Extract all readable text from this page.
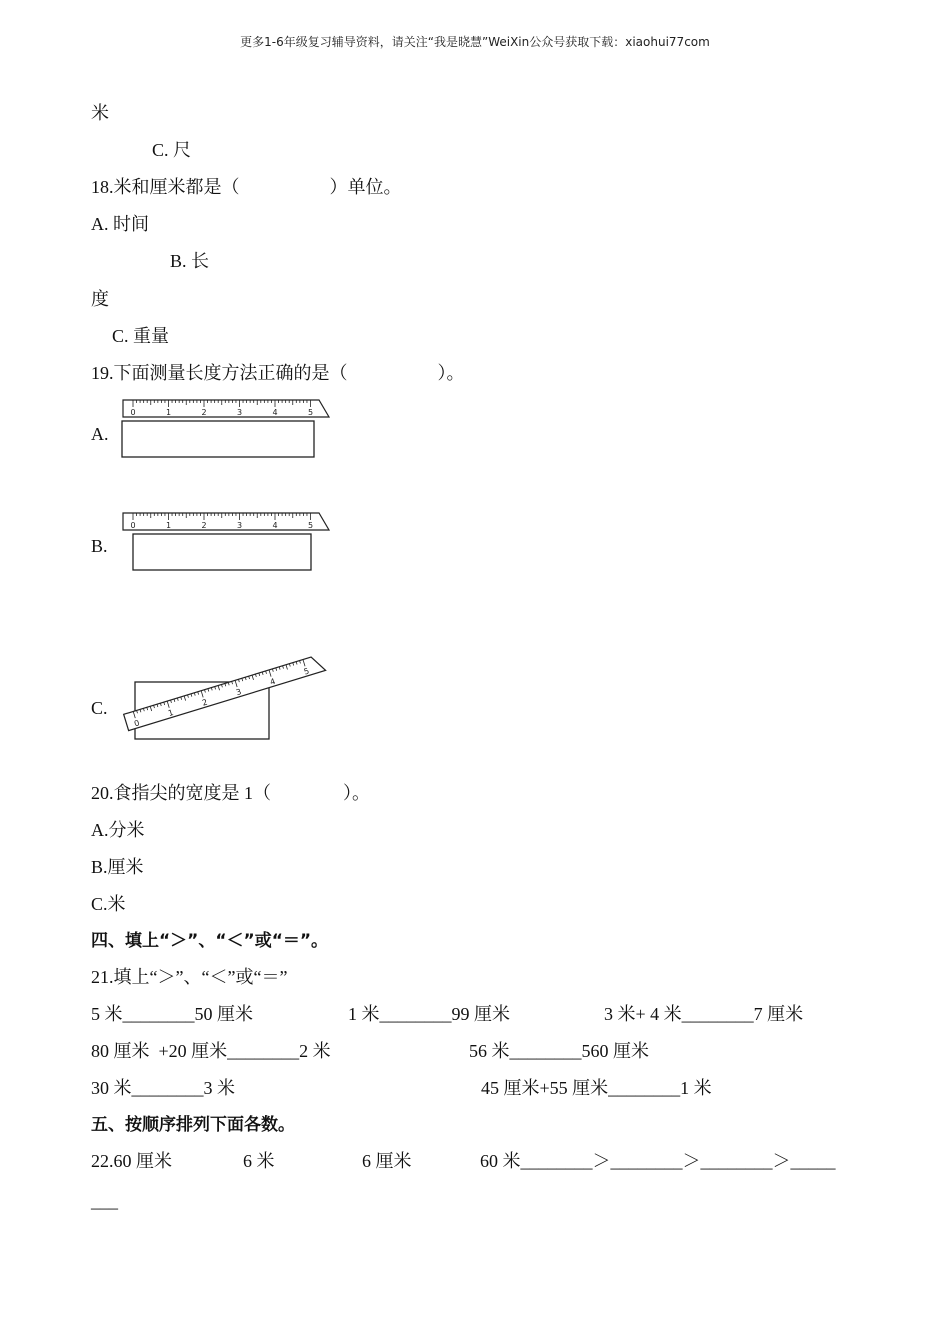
更多1-6年级复习辅导资料，请关注“我是晓慧”WeiXin公众号获取下载：xiaohui77com
米
C. 尺
18.米和厘米都是（                    ）单位。
A. 时间
B. 长
度
C. 重量
19.下面测量长度方法正确的是（                    ）。
A.
0	1	2	3	4	5
B.
0	1	2	3	4	5
C.
0
1
2
3
4
5
20.食指尖的宽度是 1（                ）。
A.分米
B.厘米
C.米
四、填上“＞”、“＜”或“＝”。
21.填上“＞”、“＜”或“＝”
5 米________50 厘米	1 米________99 厘米	3 米+ 4 米________7 厘米
80 厘米  +20 厘米________2 米	56 米________560 厘米
30 米________3 米	45 厘米+55 厘米________1 米
五、按顺序排列下面各数。
22.60 厘米	6 米	6 厘米	60 米________＞________＞________＞_____
___
